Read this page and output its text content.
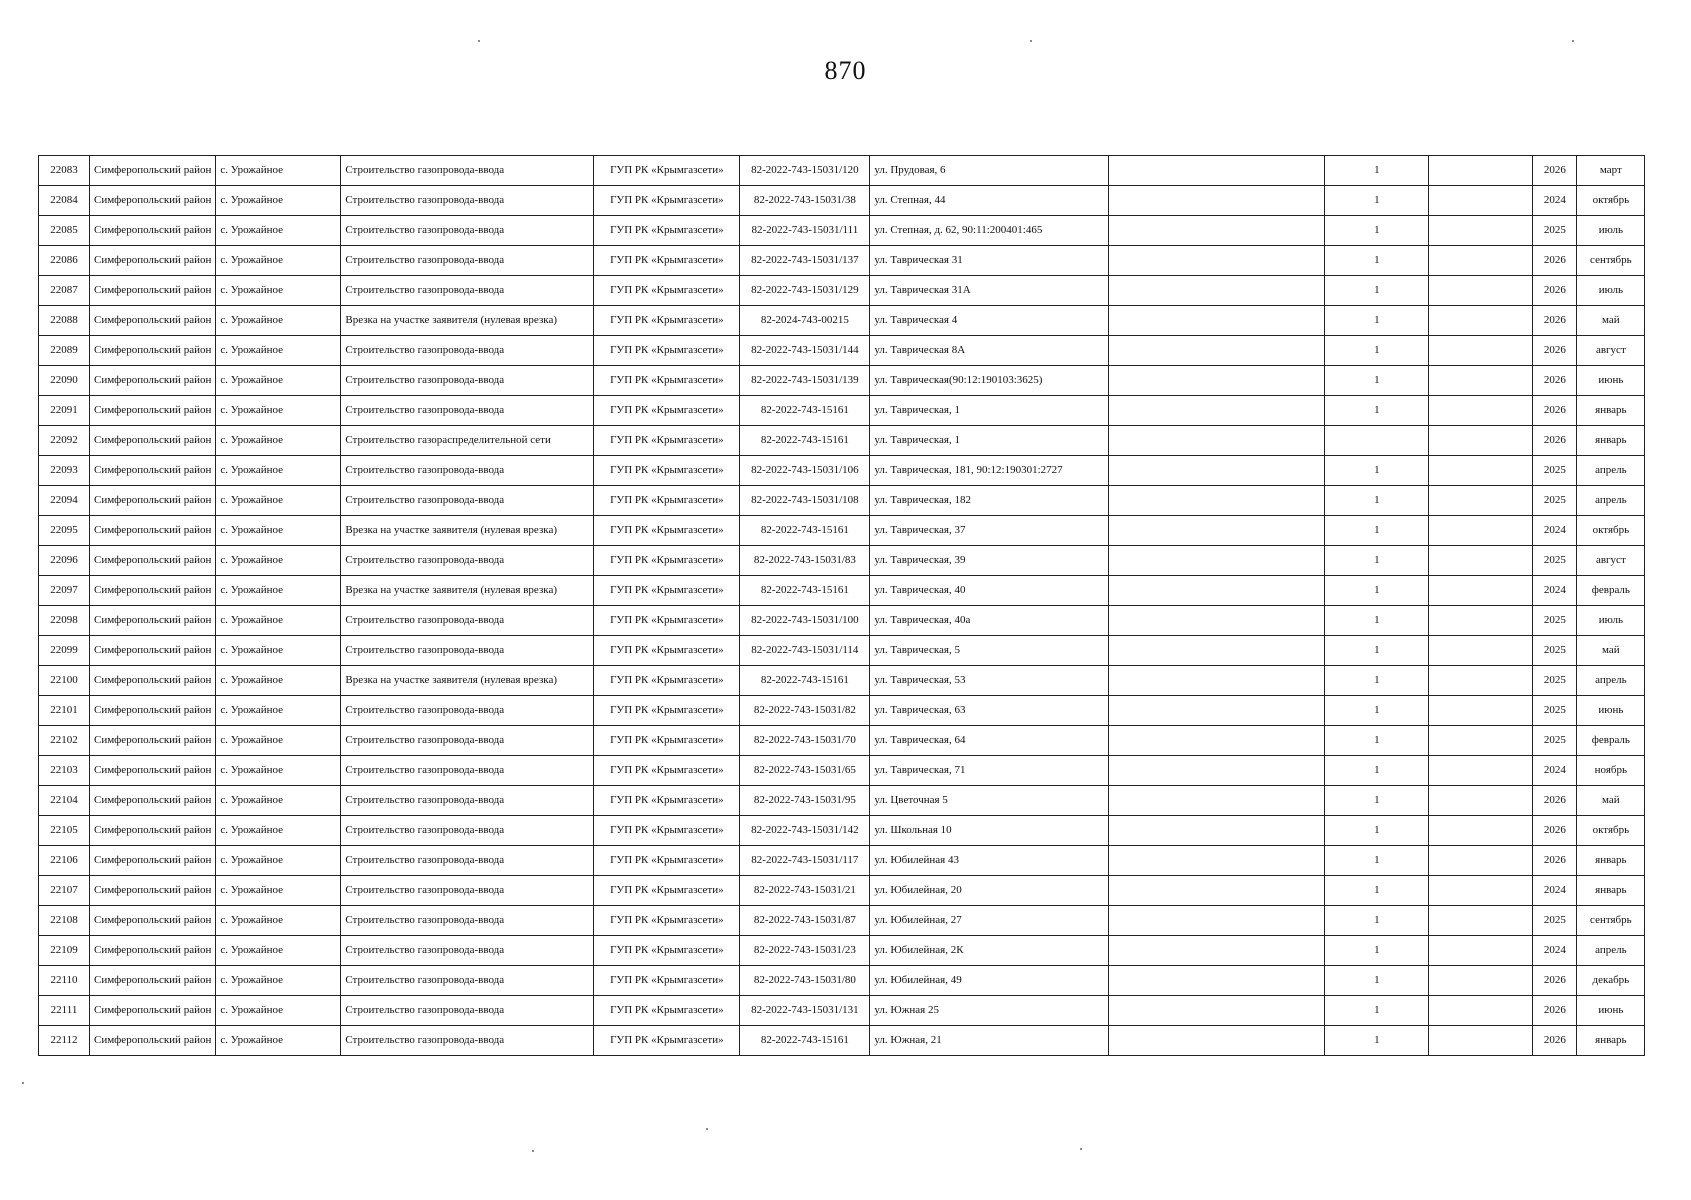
870
22083	Симферопольский район	с. Урожайное	Строительство газопровода-ввода	ГУП РК «Крымгазсети»	82-2022-743-15031/120	ул. Прудовая, 6		1		2026	март
22084	Симферопольский район	с. Урожайное	Строительство газопровода-ввода	ГУП РК «Крымгазсети»	82-2022-743-15031/38	ул. Степная, 44		1		2024	октябрь
22085	Симферопольский район	с. Урожайное	Строительство газопровода-ввода	ГУП РК «Крымгазсети»	82-2022-743-15031/111	ул. Степная, д. 62, 90:11:200401:465		1		2025	июль
22086	Симферопольский район	с. Урожайное	Строительство газопровода-ввода	ГУП РК «Крымгазсети»	82-2022-743-15031/137	ул. Таврическая 31		1		2026	сентябрь
22087	Симферопольский район	с. Урожайное	Строительство газопровода-ввода	ГУП РК «Крымгазсети»	82-2022-743-15031/129	ул. Таврическая 31А		1		2026	июль
22088	Симферопольский район	с. Урожайное	Врезка на участке заявителя (нулевая врезка)	ГУП РК «Крымгазсети»	82-2024-743-00215	ул. Таврическая 4		1		2026	май
22089	Симферопольский район	с. Урожайное	Строительство газопровода-ввода	ГУП РК «Крымгазсети»	82-2022-743-15031/144	ул. Таврическая 8А		1		2026	август
22090	Симферопольский район	с. Урожайное	Строительство газопровода-ввода	ГУП РК «Крымгазсети»	82-2022-743-15031/139	ул. Таврическая(90:12:190103:3625)		1		2026	июнь
22091	Симферопольский район	с. Урожайное	Строительство газопровода-ввода	ГУП РК «Крымгазсети»	82-2022-743-15161	ул. Таврическая, 1		1		2026	январь
22092	Симферопольский район	с. Урожайное	Строительство газораспределительной сети	ГУП РК «Крымгазсети»	82-2022-743-15161	ул. Таврическая, 1				2026	январь
22093	Симферопольский район	с. Урожайное	Строительство газопровода-ввода	ГУП РК «Крымгазсети»	82-2022-743-15031/106	ул. Таврическая, 181, 90:12:190301:2727		1		2025	апрель
22094	Симферопольский район	с. Урожайное	Строительство газопровода-ввода	ГУП РК «Крымгазсети»	82-2022-743-15031/108	ул. Таврическая, 182		1		2025	апрель
22095	Симферопольский район	с. Урожайное	Врезка на участке заявителя (нулевая врезка)	ГУП РК «Крымгазсети»	82-2022-743-15161	ул. Таврическая, 37		1		2024	октябрь
22096	Симферопольский район	с. Урожайное	Строительство газопровода-ввода	ГУП РК «Крымгазсети»	82-2022-743-15031/83	ул. Таврическая, 39		1		2025	август
22097	Симферопольский район	с. Урожайное	Врезка на участке заявителя (нулевая врезка)	ГУП РК «Крымгазсети»	82-2022-743-15161	ул. Таврическая, 40		1		2024	февраль
22098	Симферопольский район	с. Урожайное	Строительство газопровода-ввода	ГУП РК «Крымгазсети»	82-2022-743-15031/100	ул. Таврическая, 40а		1		2025	июль
22099	Симферопольский район	с. Урожайное	Строительство газопровода-ввода	ГУП РК «Крымгазсети»	82-2022-743-15031/114	ул. Таврическая, 5		1		2025	май
22100	Симферопольский район	с. Урожайное	Врезка на участке заявителя (нулевая врезка)	ГУП РК «Крымгазсети»	82-2022-743-15161	ул. Таврическая, 53		1		2025	апрель
22101	Симферопольский район	с. Урожайное	Строительство газопровода-ввода	ГУП РК «Крымгазсети»	82-2022-743-15031/82	ул. Таврическая, 63		1		2025	июнь
22102	Симферопольский район	с. Урожайное	Строительство газопровода-ввода	ГУП РК «Крымгазсети»	82-2022-743-15031/70	ул. Таврическая, 64		1		2025	февраль
22103	Симферопольский район	с. Урожайное	Строительство газопровода-ввода	ГУП РК «Крымгазсети»	82-2022-743-15031/65	ул. Таврическая, 71		1		2024	ноябрь
22104	Симферопольский район	с. Урожайное	Строительство газопровода-ввода	ГУП РК «Крымгазсети»	82-2022-743-15031/95	ул. Цветочная 5		1		2026	май
22105	Симферопольский район	с. Урожайное	Строительство газопровода-ввода	ГУП РК «Крымгазсети»	82-2022-743-15031/142	ул. Школьная 10		1		2026	октябрь
22106	Симферопольский район	с. Урожайное	Строительство газопровода-ввода	ГУП РК «Крымгазсети»	82-2022-743-15031/117	ул. Юбилейная 43		1		2026	январь
22107	Симферопольский район	с. Урожайное	Строительство газопровода-ввода	ГУП РК «Крымгазсети»	82-2022-743-15031/21	ул. Юбилейная, 20		1		2024	январь
22108	Симферопольский район	с. Урожайное	Строительство газопровода-ввода	ГУП РК «Крымгазсети»	82-2022-743-15031/87	ул. Юбилейная, 27		1		2025	сентябрь
22109	Симферопольский район	с. Урожайное	Строительство газопровода-ввода	ГУП РК «Крымгазсети»	82-2022-743-15031/23	ул. Юбилейная, 2К		1		2024	апрель
22110	Симферопольский район	с. Урожайное	Строительство газопровода-ввода	ГУП РК «Крымгазсети»	82-2022-743-15031/80	ул. Юбилейная, 49		1		2026	декабрь
22111	Симферопольский район	с. Урожайное	Строительство газопровода-ввода	ГУП РК «Крымгазсети»	82-2022-743-15031/131	ул. Южная 25		1		2026	июнь
22112	Симферопольский район	с. Урожайное	Строительство газопровода-ввода	ГУП РК «Крымгазсети»	82-2022-743-15161	ул. Южная, 21		1		2026	январь
